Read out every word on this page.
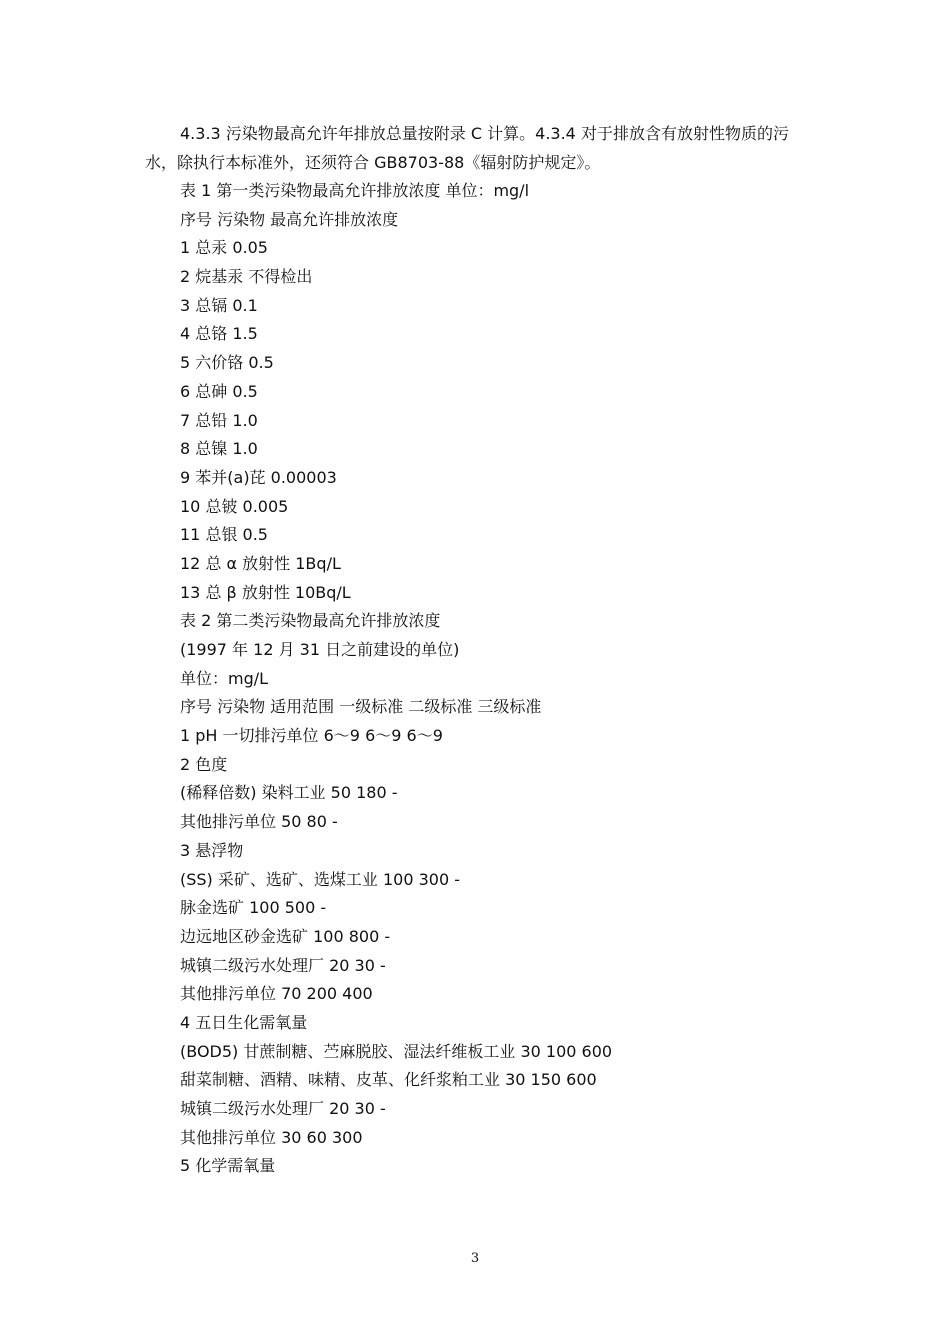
4.3.3 污染物最高允许年排放总量按附录 C 计算。4.3.4 对于排放含有放射性物质的污水，除执行本标准外，还须符合 GB8703-88《辐射防护规定》。

表 1 第一类污染物最高允许排放浓度 单位：mg/l
序号 污染物 最高允许排放浓度
1 总汞 0.05
2 烷基汞 不得检出
3 总镉 0.1
4 总铬 1.5
5 六价铬 0.5
6 总砷 0.5
7 总铅 1.0
8 总镍 1.0
9 苯并(a)芘 0.00003
10 总铍 0.005
11 总银 0.5
12 总 α 放射性 1Bq/L
13 总 β 放射性 10Bq/L
表 2 第二类污染物最高允许排放浓度
(1997 年 12 月 31 日之前建设的单位)
单位：mg/L
序号 污染物 适用范围 一级标准 二级标准 三级标准
1 pH 一切排污单位 6～9 6～9 6～9
2 色度
(稀释倍数) 染料工业 50 180 -
其他排污单位 50 80 -
3 悬浮物
(SS) 采矿、选矿、选煤工业 100 300 -
脉金选矿 100 500 -
边远地区砂金选矿 100 800 -
城镇二级污水处理厂 20 30 -
其他排污单位 70 200 400
4 五日生化需氧量
(BOD5) 甘蔗制糖、苎麻脱胶、湿法纤维板工业 30 100 600
甜菜制糖、酒精、味精、皮革、化纤浆粕工业 30 150 600
城镇二级污水处理厂 20 30 -
其他排污单位 30 60 300
5 化学需氧量
3
